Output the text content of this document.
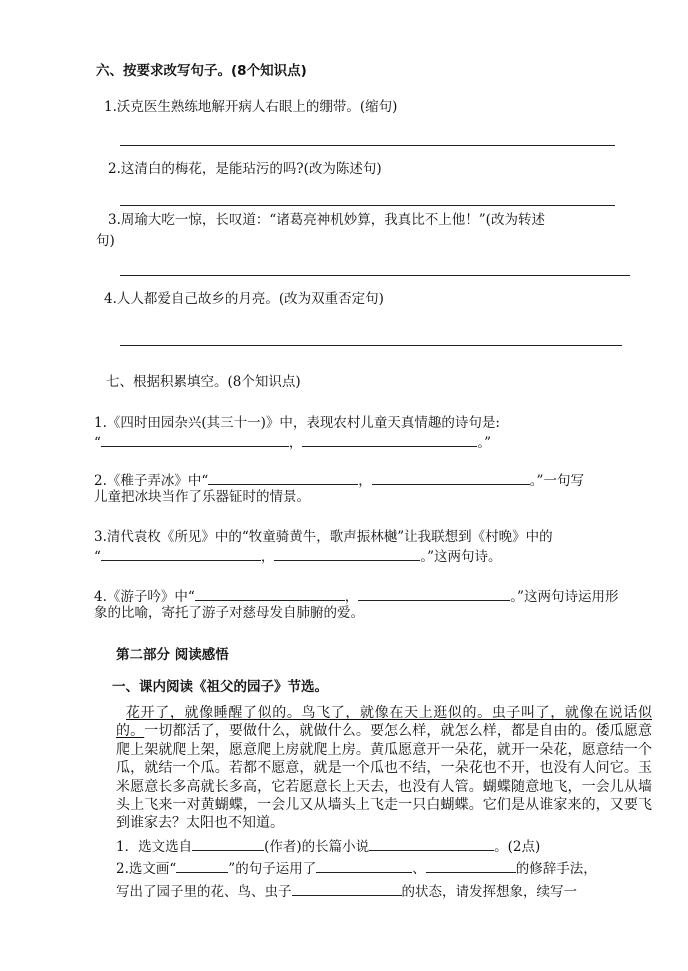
六、按要求改写句子。(8个知识点)
1.沃克医生熟练地解开病人右眼上的绷带。(缩句)
2.这清白的梅花，是能玷污的吗?(改为陈述句)
3.周瑜大吃一惊，长叹道：“诸葛亮神机妙算，我真比不上他！”(改为转述
句)
4.人人都爱自己故乡的月亮。(改为双重否定句)
七、根据积累填空。(8个知识点)
1.《四时田园杂兴(其三十一)》中，表现农村儿童天真情趣的诗句是:
“	，	。”
2.《稚子弄冰》中“	，	。”一句写
儿童把冰块当作了乐器钲时的情景。
3.清代袁枚《所见》中的“牧童骑黄牛，歌声振林樾”让我联想到《村晚》中的
“	，	。”这两句诗。
4.《游子吟》中“	，	。”这两句诗运用形
象的比喻，寄托了游子对慈母发自肺腑的爱。
第二部分 阅读感悟
一、课内阅读《祖父的园子》节选。
花开了，就像睡醒了似的。鸟飞了，就像在天上逛似的。虫子叫了，就像在说话似的。一切都活了，要做什么，就做什么。要怎么样，就怎么样，都是自由的。倭瓜愿意爬上架就爬上架，愿意爬上房就爬上房。黄瓜愿意开一朵花，就开一朵花，愿意结一个瓜，就结一个瓜。若都不愿意，就是一个瓜也不结，一朵花也不开，也没有人问它。玉米愿意长多高就长多高，它若愿意长上天去，也没有人管。蝴蝶随意地飞，一会儿从墙头上飞来一对黄蝴蝶，一会儿又从墙头上飞走一只白蝴蝶。它们是从谁家来的，又要飞到谁家去？太阳也不知道。
1．选文选自	(作者)的长篇小说	。(2点)
2.选文画“	”的句子运用了	、	的修辞手法，
写出了园子里的花、鸟、虫子	的状态，请发挥想象，续写一
